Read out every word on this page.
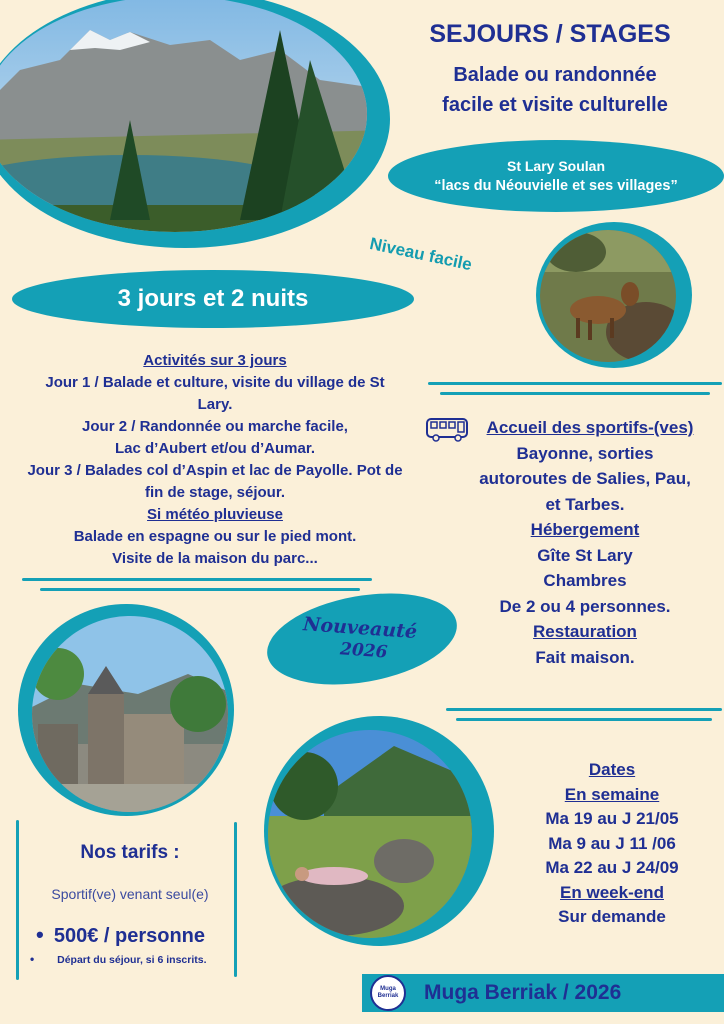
SEJOURS / STAGES
Balade ou randonnée
facile et visite culturelle
St Lary Soulan
“lacs du Néouvielle et ses villages”
Niveau facile
3 jours et 2 nuits
Activités sur 3 jours
Jour 1 / Balade et culture, visite du village de St
Lary.
Jour 2 / Randonnée ou marche facile,
Lac d’Aubert et/ou d’Aumar.
Jour 3 / Balades col d’Aspin et lac de Payolle. Pot de
fin de stage, séjour.
Si météo pluvieuse
Balade en espagne ou sur le pied mont.
Visite de la maison du parc...
Accueil des sportifs-(ves)
Bayonne, sorties
autoroutes de Salies, Pau,
et Tarbes.
Hébergement
Gîte St Lary
Chambres
De 2 ou 4 personnes.
Restauration
Fait maison.
Nouveauté
2026
Nos tarifs :
Sportif(ve) venant seul(e)
• 500€ / personne
• Départ du séjour, si 6 inscrits.
Dates
En semaine
Ma 19 au J 21/05
Ma 9 au J 11 /06
Ma 22 au J 24/09
En week-end
Sur demande
Muga Berriak Muga Berriak / 2026
